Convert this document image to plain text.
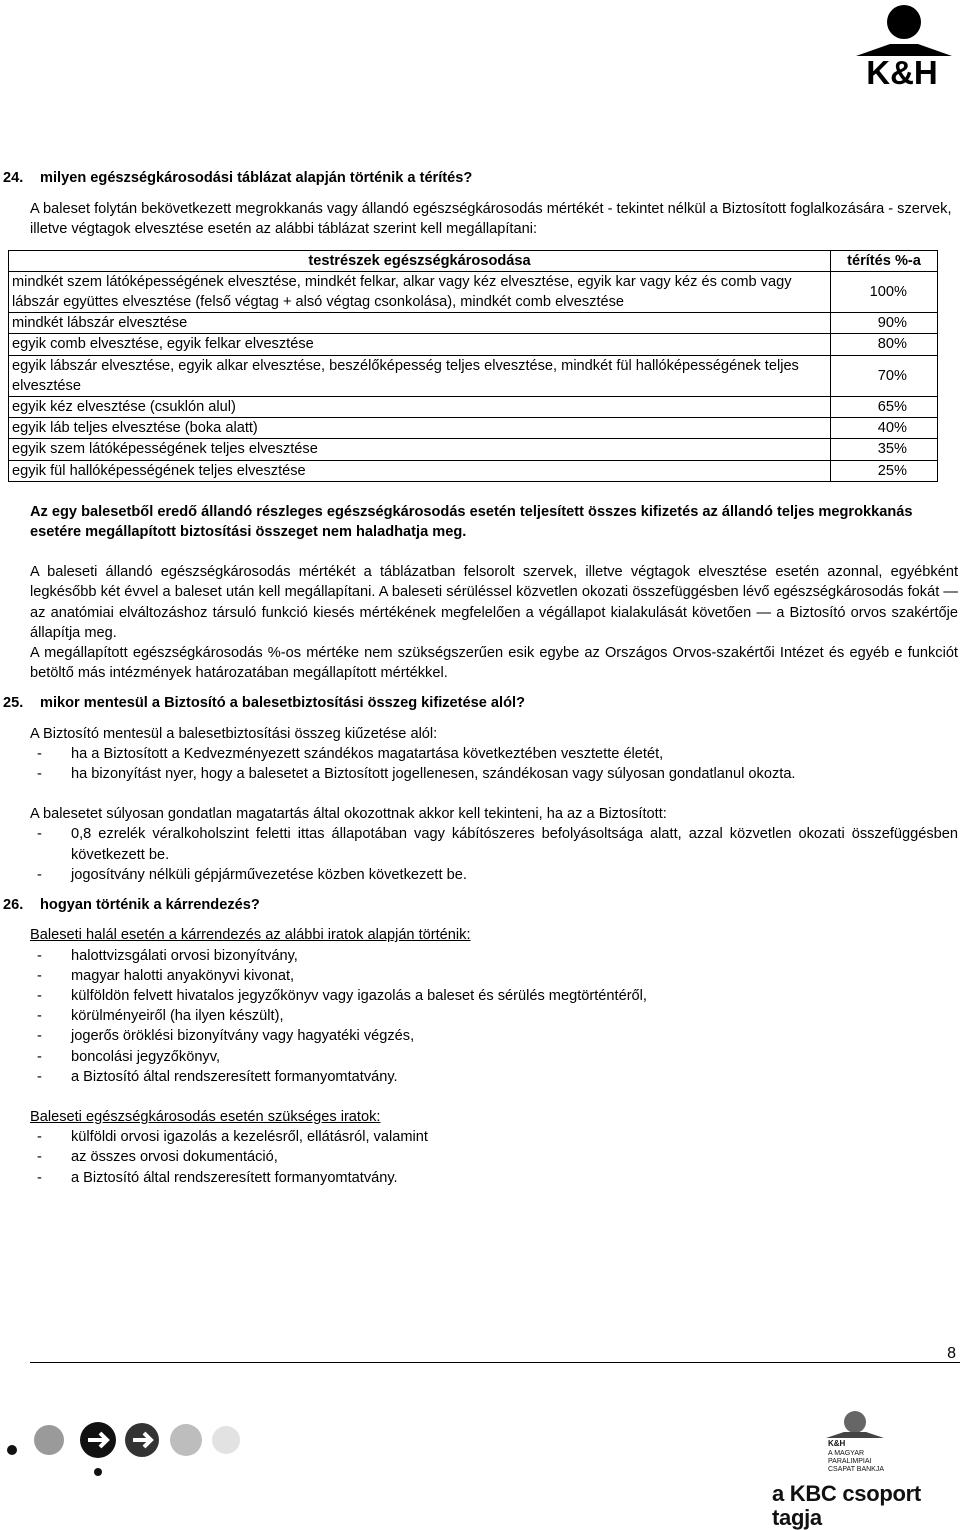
K&H

24. milyen egészségkárosodási táblázat alapján történik a térítés?

A baleset folytán bekövetkezett megrokkanás vagy állandó egészségkárosodás mértékét - tekintet nélkül a Biztosított foglalkozására - szervek, illetve végtagok elvesztése esetén az alábbi táblázat szerint kell megállapítani:

testrészek egészségkárosodása	térítés %-a
mindkét szem látóképességének elvesztése, mindkét felkar, alkar vagy kéz elvesztése, egyik kar vagy kéz és comb vagy lábszár együttes elvesztése (felső végtag + alsó végtag csonkolása), mindkét comb elvesztése	100%
mindkét lábszár elvesztése	90%
egyik comb elvesztése, egyik felkar elvesztése	80%
egyik lábszár elvesztése, egyik alkar elvesztése, beszélőképesség teljes elvesztése, mindkét fül hallóképességének teljes elvesztése	70%
egyik kéz elvesztése (csuklón alul)	65%
egyik láb teljes elvesztése (boka alatt)	40%
egyik szem látóképességének teljes elvesztése	35%
egyik fül hallóképességének teljes elvesztése	25%

Az egy balesetből eredő állandó részleges egészségkárosodás esetén teljesített összes kifizetés az állandó teljes megrokkanás esetére megállapított biztosítási összeget nem haladhatja meg.

A baleseti állandó egészségkárosodás mértékét a táblázatban felsorolt szervek, illetve végtagok elvesztése esetén azonnal, egyébként legkésőbb két évvel a baleset után kell megállapítani. A baleseti sérüléssel közvetlen okozati összefüggésben lévő egészségkárosodás fokát — az anatómiai elváltozáshoz társuló funkció kiesés mértékének megfelelően a végállapot kialakulását követően — a Biztosító orvos szakértője állapítja meg.

A megállapított egészségkárosodás %-os mértéke nem szükségszerűen esik egybe az Országos Orvos-szakértői Intézet és egyéb e funkciót betöltő más intézmények határozatában megállapított mértékkel.

25. mikor mentesül a Biztosító a balesetbiztosítási összeg kifizetése alól?

A Biztosító mentesül a balesetbiztosítási összeg kiűzetése alól:

- ha a Biztosított a Kedvezményezett szándékos magatartása következtében vesztette életét,
- ha bizonyítást nyer, hogy a balesetet a Biztosított jogellenesen, szándékosan vagy súlyosan gondatlanul okozta.

A balesetet súlyosan gondatlan magatartás által okozottnak akkor kell tekinteni, ha az a Biztosított:

- 0,8 ezrelék véralkoholszint feletti ittas állapotában vagy kábítószeres befolyásoltsága alatt, azzal közvetlen okozati összefüggésben következett be.
- jogosítvány nélküli gépjárművezetése közben következett be.

26. hogyan történik a kárrendezés?

Baleseti halál esetén a kárrendezés az alábbi iratok alapján történik:

- halottvizsgálati orvosi bizonyítvány,
- magyar halotti anyakönyvi kivonat,
- külföldön felvett hivatalos jegyzőkönyv vagy igazolás a baleset és sérülés megtörténtéről,
- körülményeiről (ha ilyen készült),
- jogerős öröklési bizonyítvány vagy hagyatéki végzés,
- boncolási jegyzőkönyv,
- a Biztosító által rendszeresített formanyomtatvány.

Baleseti egészségkárosodás esetén szükséges iratok:

- külföldi orvosi igazolás a kezelésről, ellátásról, valamint
- az összes orvosi dokumentáció,
- a Biztosító által rendszeresített formanyomtatvány.
8
K&H
A MAGYAR
PARALIMPIAI
CSAPAT BANKJA
a KBC csoport tagja
